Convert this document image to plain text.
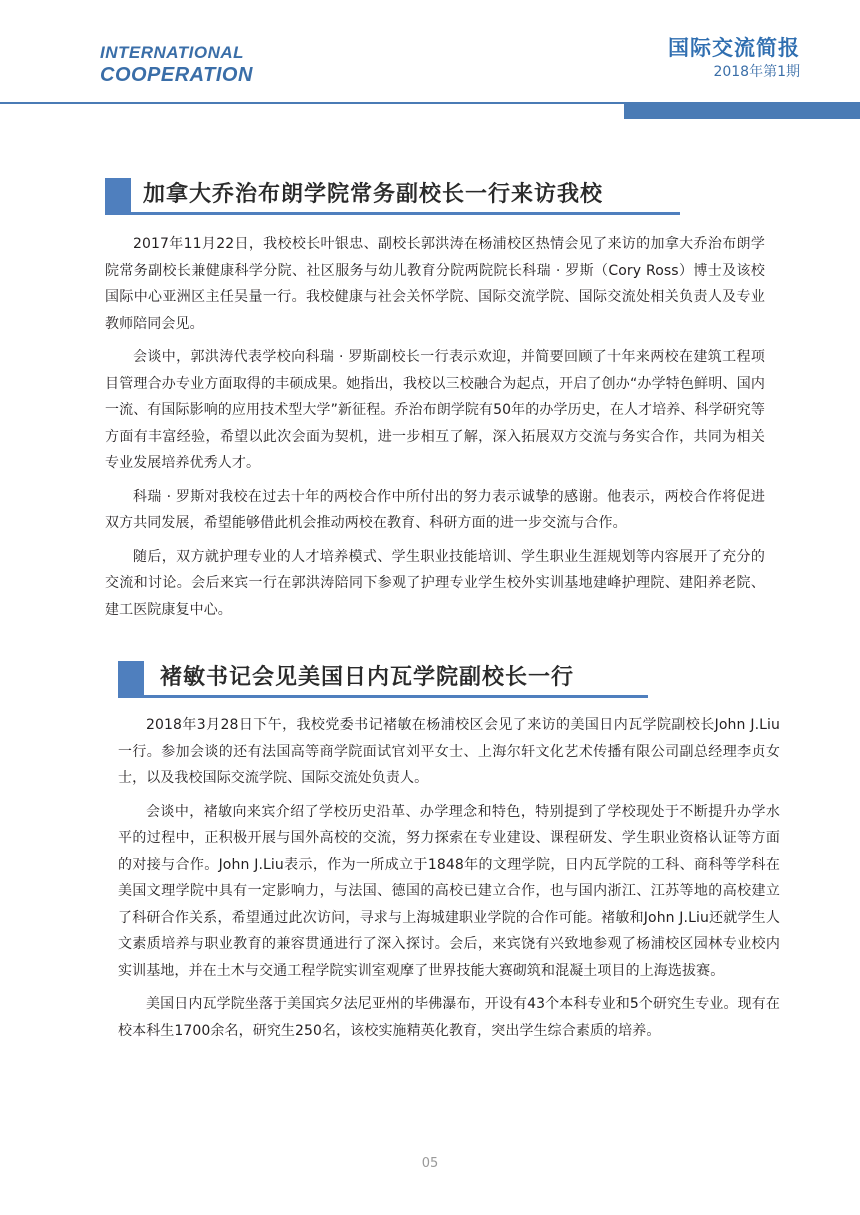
INTERNATIONAL
COOPERATION
国际交流简报
2018年第1期
加拿大乔治布朗学院常务副校长一行来访我校

2017年11月22日，我校校长叶银忠、副校长郭洪涛在杨浦校区热情会见了来访的加拿大乔治布朗学院常务副校长兼健康科学分院、社区服务与幼儿教育分院两院院长科瑞 · 罗斯（Cory Ross）博士及该校国际中心亚洲区主任吴量一行。我校健康与社会关怀学院、国际交流学院、国际交流处相关负责人及专业教师陪同会见。

会谈中，郭洪涛代表学校向科瑞 · 罗斯副校长一行表示欢迎，并简要回顾了十年来两校在建筑工程项目管理合办专业方面取得的丰硕成果。她指出，我校以三校融合为起点，开启了创办“办学特色鲜明、国内一流、有国际影响的应用技术型大学”新征程。乔治布朗学院有50年的办学历史，在人才培养、科学研究等方面有丰富经验，希望以此次会面为契机，进一步相互了解，深入拓展双方交流与务实合作，共同为相关专业发展培养优秀人才。

科瑞 · 罗斯对我校在过去十年的两校合作中所付出的努力表示诚挚的感谢。他表示，两校合作将促进双方共同发展，希望能够借此机会推动两校在教育、科研方面的进一步交流与合作。

随后，双方就护理专业的人才培养模式、学生职业技能培训、学生职业生涯规划等内容展开了充分的交流和讨论。会后来宾一行在郭洪涛陪同下参观了护理专业学生校外实训基地建峰护理院、建阳养老院、建工医院康复中心。

褚敏书记会见美国日内瓦学院副校长一行

2018年3月28日下午，我校党委书记褚敏在杨浦校区会见了来访的美国日内瓦学院副校长John J.Liu一行。参加会谈的还有法国高等商学院面试官刘平女士、上海尔轩文化艺术传播有限公司副总经理李贞女士，以及我校国际交流学院、国际交流处负责人。

会谈中，褚敏向来宾介绍了学校历史沿革、办学理念和特色，特别提到了学校现处于不断提升办学水平的过程中，正积极开展与国外高校的交流，努力探索在专业建设、课程研发、学生职业资格认证等方面的对接与合作。John J.Liu表示，作为一所成立于1848年的文理学院，日内瓦学院的工科、商科等学科在美国文理学院中具有一定影响力，与法国、德国的高校已建立合作，也与国内浙江、江苏等地的高校建立了科研合作关系，希望通过此次访问，寻求与上海城建职业学院的合作可能。褚敏和John J.Liu还就学生人文素质培养与职业教育的兼容贯通进行了深入探讨。会后，来宾饶有兴致地参观了杨浦校区园林专业校内实训基地，并在土木与交通工程学院实训室观摩了世界技能大赛砌筑和混凝土项目的上海选拔赛。

美国日内瓦学院坐落于美国宾夕法尼亚州的毕佛瀑布，开设有43个本科专业和5个研究生专业。现有在校本科生1700余名，研究生250名，该校实施精英化教育，突出学生综合素质的培养。

05
